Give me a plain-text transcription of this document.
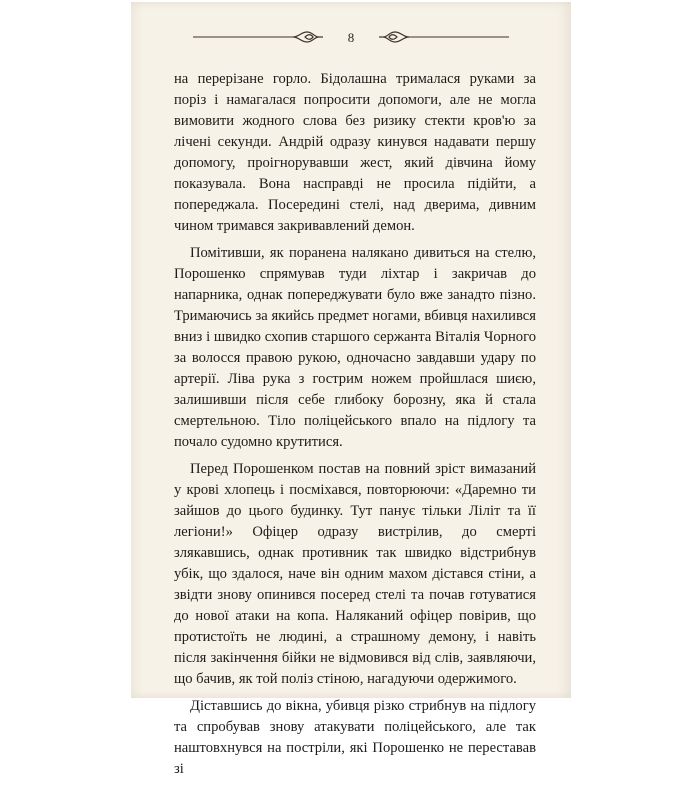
8

на перерізане горло. Бідолашна трималася руками за поріз і намагалася попросити допомоги, але не могла вимовити жодного слова без ризику стекти кров'ю за лічені секунди. Андрій одразу кинувся надавати першу допомогу, проігнорувавши жест, який дівчина йому показувала. Вона насправді не просила підійти, а попереджала. Посередині стелі, над дверима, дивним чином тримався закривавлений демон.

Помітивши, як поранена налякано дивиться на стелю, Порошенко спрямував туди ліхтар і закричав до напарника, однак попереджувати було вже занадто пізно. Тримаючись за якийсь предмет ногами, вбивця нахилився вниз і швидко схопив старшого сержанта Віталія Чорного за волосся правою рукою, одночасно завдавши удару по артерії. Ліва рука з гострим ножем пройшлася шиєю, залишивши після себе глибоку борозну, яка й стала смертельною. Тіло поліцейського впало на підлогу та почало судомно крутитися.

Перед Порошенком постав на повний зріст вимазаний у крові хлопець і посміхався, повторюючи: «Даремно ти зайшов до цього будинку. Тут панує тільки Ліліт та її легіони!» Офіцер одразу вистрілив, до смерті злякавшись, однак противник так швидко відстрибнув убік, що здалося, наче він одним махом дістався стіни, а звідти знову опинився посеред стелі та почав готуватися до нової атаки на копа. Наляканий офіцер повірив, що протистоїть не людині, а страшному демону, і навіть після закінчення бійки не відмовився від слів, заявляючи, що бачив, як той поліз стіною, нагадуючи одержимого.

Діставшись до вікна, убивця різко стрибнув на підлогу та спробував знову атакувати поліцейського, але так наштовхнувся на постріли, які Порошенко не переставав зі
